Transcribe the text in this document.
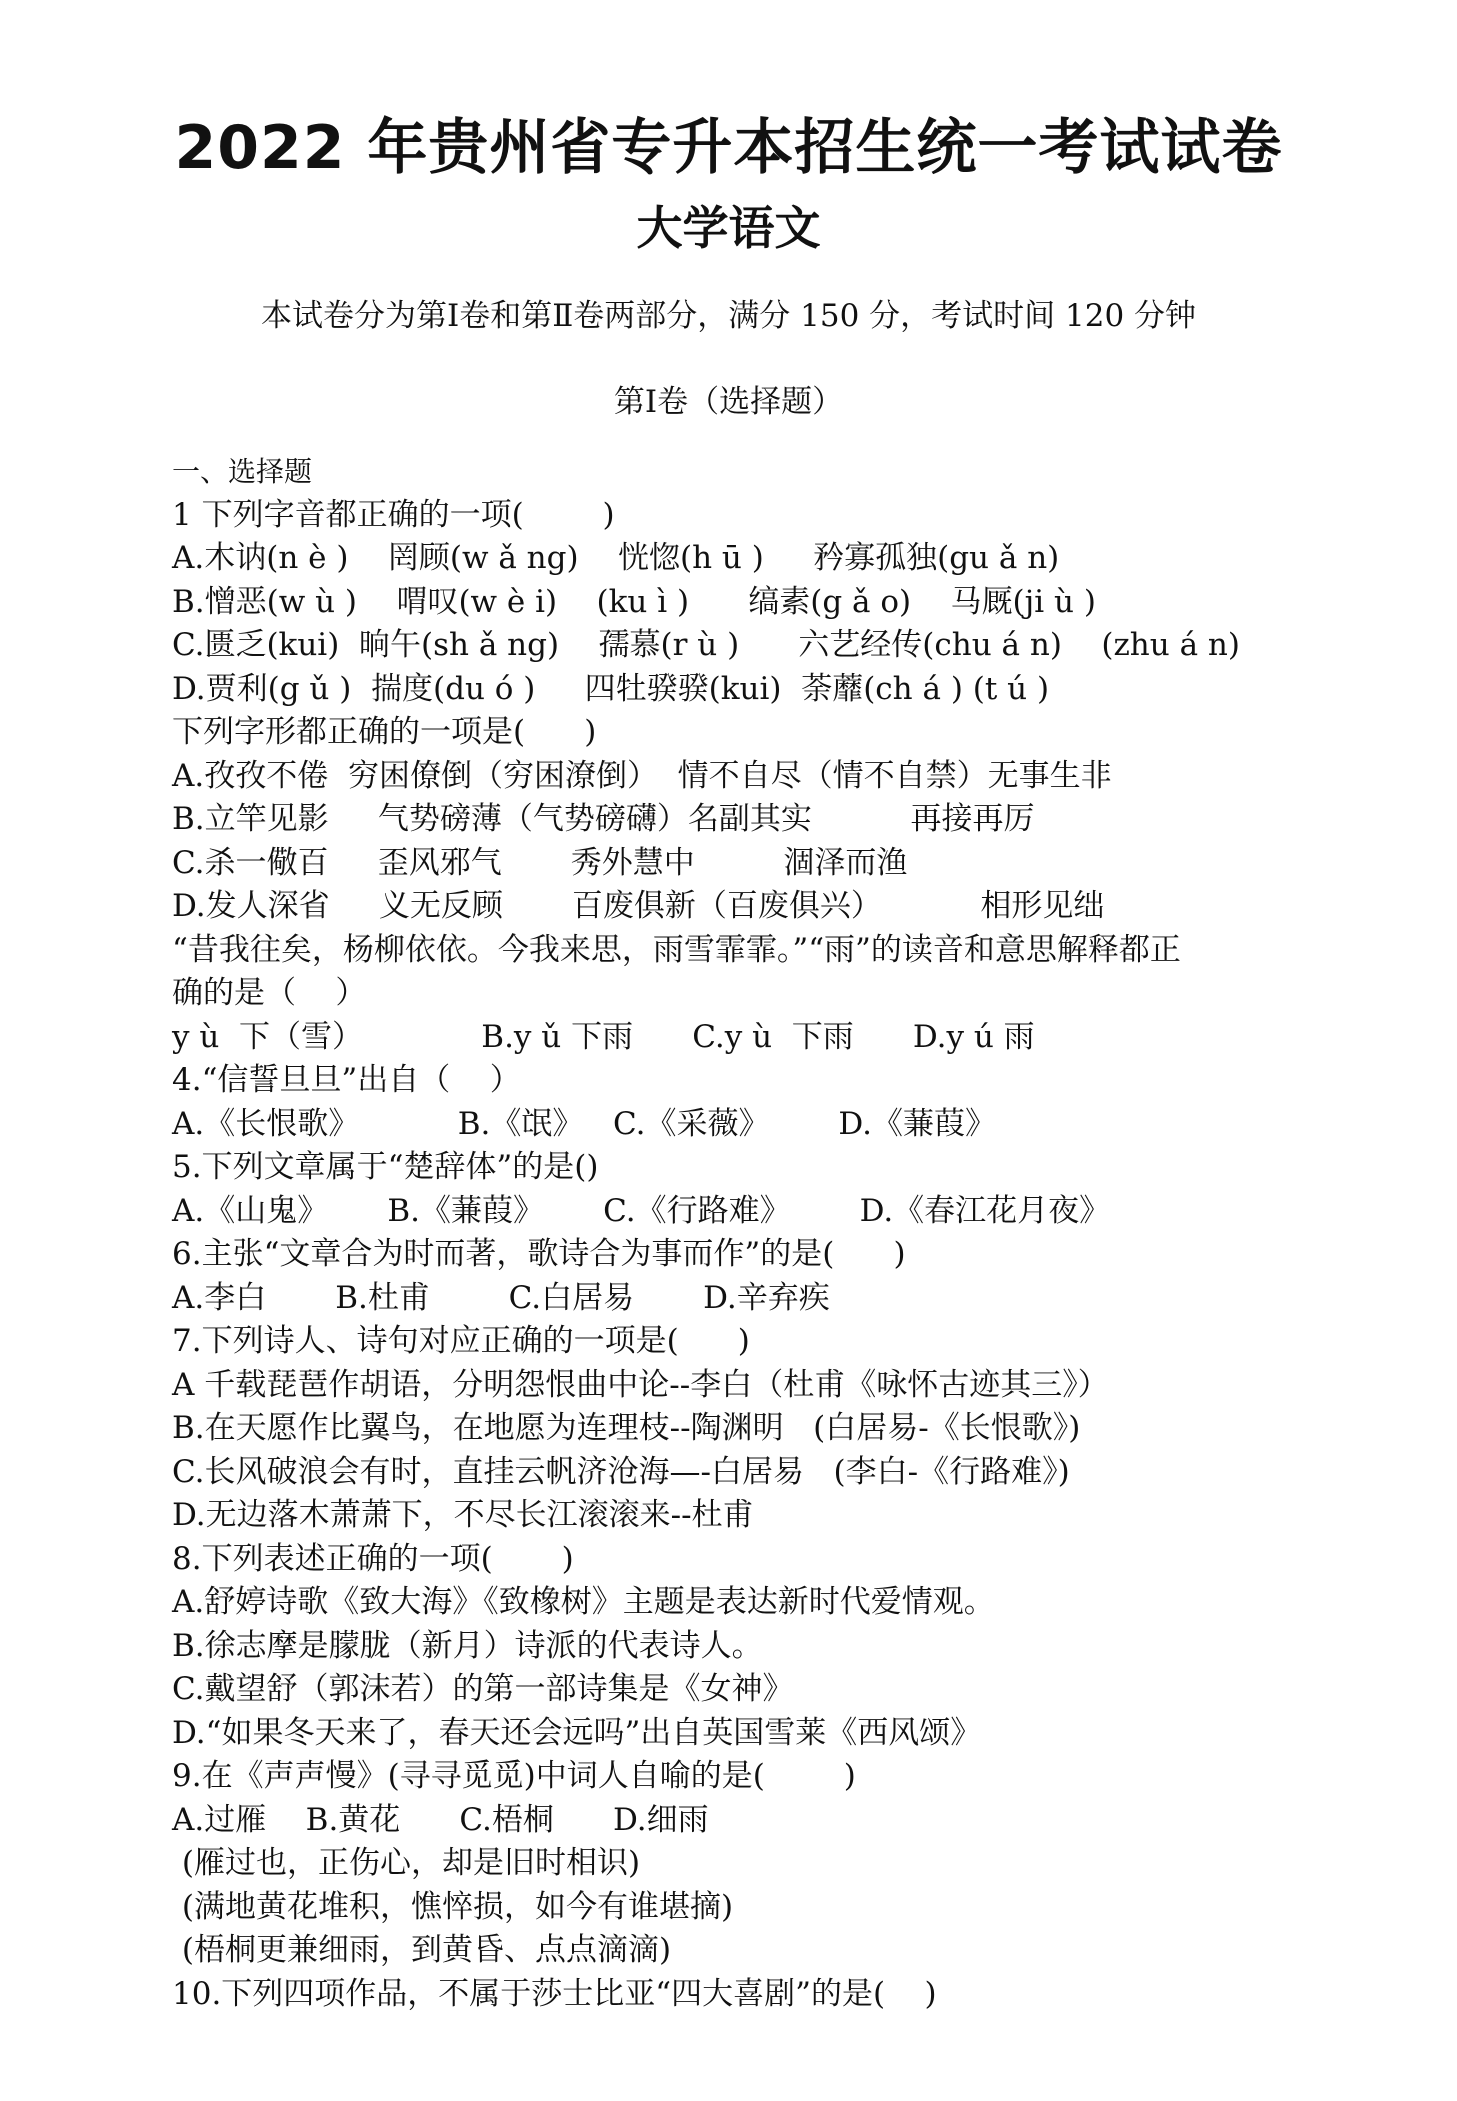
2022 年贵州省专升本招生统一考试试卷
大学语文
本试卷分为第Ⅰ卷和第Ⅱ卷两部分，满分 150 分，考试时间 120 分钟
第Ⅰ卷（选择题）
一、选择题
1 下列字音都正确的一项(        )
A.木讷(n è )    罔顾(w ǎ ng)    恍惚(h ū )     矜寡孤独(gu ǎ n)
B.憎恶(w ù )    喟叹(w è i)    (ku ì )      缟素(g ǎ o)    马厩(ji ù )
C.匮乏(kui)  晌午(sh ǎ ng)    孺慕(r ù )      六艺经传(chu á n)    (zhu á n)
D.贾利(g ǔ )  揣度(du ó )     四牡骙骙(kui)  荼蘼(ch á ) (t ú )
下列字形都正确的一项是(      )
A.孜孜不倦  穷困僚倒（穷困潦倒）  情不自尽（情不自禁）无事生非
B.立竿见影     气势磅薄（气势磅礴）名副其实          再接再厉
C.杀一儆百     歪风邪气       秀外慧中         涸泽而渔
D.发人深省     义无反顾       百废俱新（百废俱兴）          相形见绌
“昔我往矣，杨柳依依。今我来思，雨雪霏霏。”“雨”的读音和意思解释都正
确的是（    ）
y ù  下（雪）            B.y ǔ 下雨      C.y ù  下雨      D.y ú 雨
4.“信誓旦旦”出自（    ）
A.《长恨歌》          B.《氓》   C.《采薇》       D.《蒹葭》
5.下列文章属于“楚辞体”的是()
A.《山鬼》      B.《蒹葭》      C.《行路难》       D.《春江花月夜》
6.主张“文章合为时而著，歌诗合为事而作”的是(      )
A.李白       B.杜甫        C.白居易       D.辛弃疾
7.下列诗人、诗句对应正确的一项是(      )
A 千载琵琶作胡语，分明怨恨曲中论--李白（杜甫《咏怀古迹其三》）
B.在天愿作比翼鸟，在地愿为连理枝--陶渊明   (白居易-《长恨歌》)
C.长风破浪会有时，直挂云帆济沧海—-白居易   (李白-《行路难》)
D.无边落木萧萧下，不尽长江滚滚来--杜甫
8.下列表述正确的一项(       )
A.舒婷诗歌《致大海》《致橡树》主题是表达新时代爱情观。
B.徐志摩是朦胧（新月）诗派的代表诗人。
C.戴望舒（郭沫若）的第一部诗集是《女神》
D.“如果冬天来了，春天还会远吗”出自英国雪莱《西风颂》
9.在《声声慢》(寻寻觅觅)中词人自喻的是(        )
A.过雁    B.黄花      C.梧桐      D.细雨
(雁过也，正伤心，却是旧时相识)
(满地黄花堆积，憔悴损，如今有谁堪摘)
(梧桐更兼细雨，到黄昏、点点滴滴)
10.下列四项作品，不属于莎士比亚“四大喜剧”的是(    )
